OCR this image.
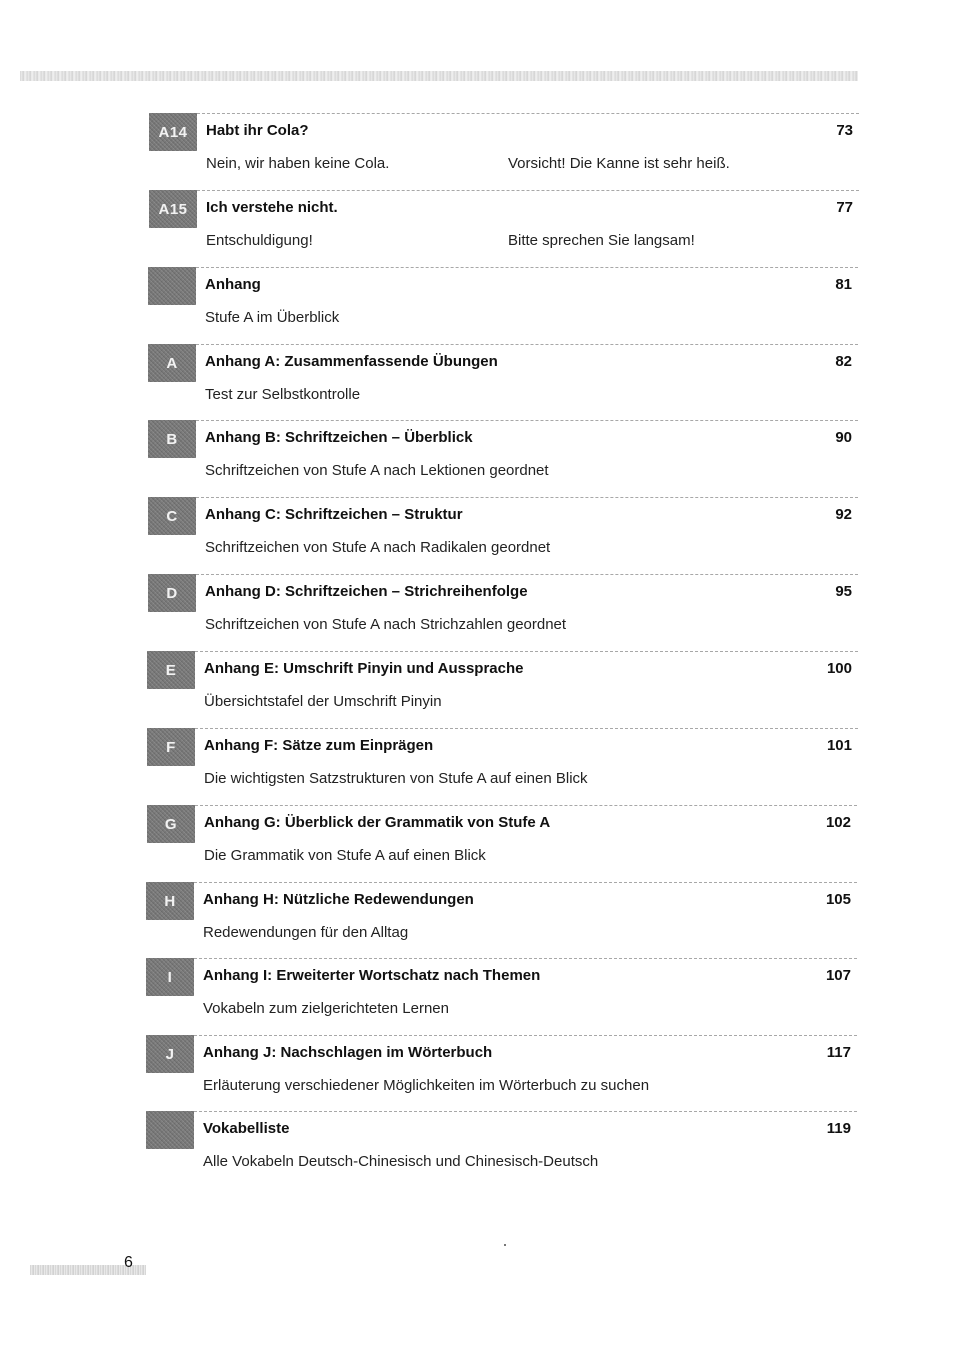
A14 Habt ihr Cola?	73
Nein, wir haben keine Cola.	Vorsicht! Die Kanne ist sehr heiß.
A15 Ich verstehe nicht.	77
Entschuldigung!	Bitte sprechen Sie langsam!
Anhang	81
Stufe A im Überblick
A Anhang A: Zusammenfassende Übungen	82
Test zur Selbstkontrolle
B Anhang B: Schriftzeichen – Überblick	90
Schriftzeichen von Stufe A nach Lektionen geordnet
C Anhang C: Schriftzeichen – Struktur	92
Schriftzeichen von Stufe A nach Radikalen geordnet
D Anhang D: Schriftzeichen – Strichreihenfolge	95
Schriftzeichen von Stufe A nach Strichzahlen geordnet
E Anhang E: Umschrift Pinyin und Aussprache	100
Übersichtstafel der Umschrift Pinyin
F Anhang F: Sätze zum Einprägen	101
Die wichtigsten Satzstrukturen von Stufe A auf einen Blick
G Anhang G: Überblick der Grammatik von Stufe A	102
Die Grammatik von Stufe A auf einen Blick
H Anhang H: Nützliche Redewendungen	105
Redewendungen für den Alltag
I Anhang I: Erweiterter Wortschatz nach Themen	107
Vokabeln zum zielgerichteten Lernen
J Anhang J: Nachschlagen im Wörterbuch	117
Erläuterung verschiedener Möglichkeiten im Wörterbuch zu suchen
Vokabelliste	119
Alle Vokabeln Deutsch-Chinesisch und Chinesisch-Deutsch
6
